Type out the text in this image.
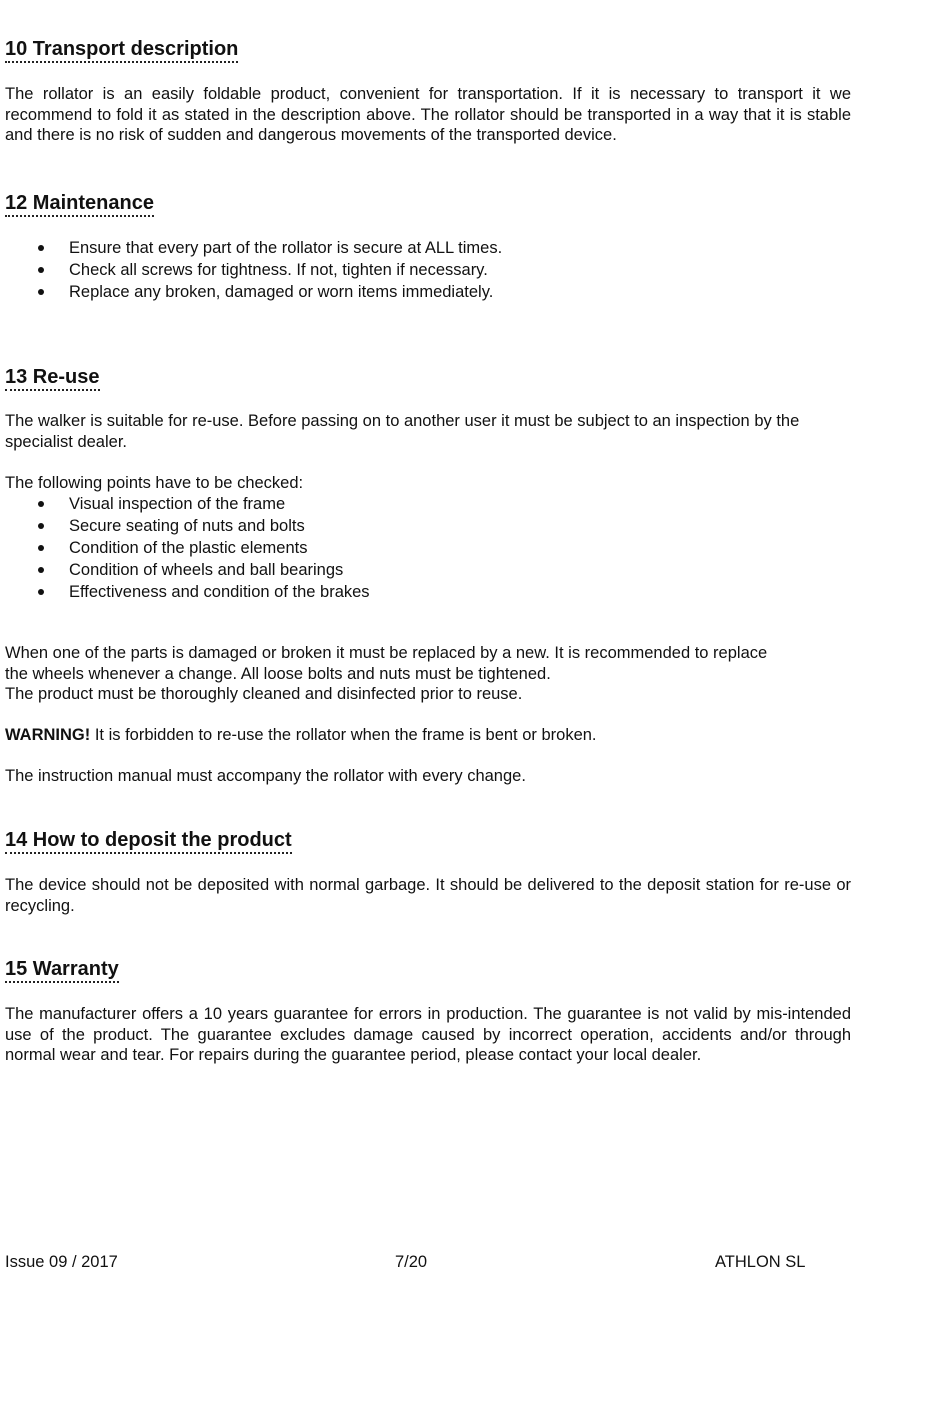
10 Transport description

The rollator is an easily foldable product, convenient for transportation. If it is necessary to transport it we recommend to fold it as stated in the description above. The rollator should be transported in a way that it is stable and there is no risk of sudden and dangerous movements of the transported device.

12 Maintenance
Ensure that every part of the rollator is secure at ALL times.
Check all screws for tightness. If not, tighten if necessary.
Replace any broken, damaged or worn items immediately.
13 Re-use

The walker is suitable for re-use. Before passing on to another user it must be subject to an inspection by the specialist dealer.

The following points have to be checked:

Visual inspection of the frame
Secure seating of nuts and bolts
Condition of the plastic elements
Condition of wheels and ball bearings
Effectiveness and condition of the brakes

When one of the parts is damaged or broken it must be replaced by a new. It is recommended to replace

the wheels whenever a change. All loose bolts and nuts must be tightened.

The product must be thoroughly cleaned and disinfected prior to reuse.

WARNING! It is forbidden to re-use the rollator when the frame is bent or broken.

The instruction manual must accompany the rollator with every change.

14 How to deposit the product

The device should not be deposited with normal garbage. It should be delivered to the deposit station for re-use or recycling.

15 Warranty

The manufacturer offers a 10 years guarantee for errors in production. The guarantee is not valid by mis-intended use of the product. The guarantee excludes damage caused by incorrect operation, accidents and/or through normal wear and tear. For repairs during the guarantee period, please contact your local dealer.

Issue 09 / 2017	7/20	ATHLON SL
